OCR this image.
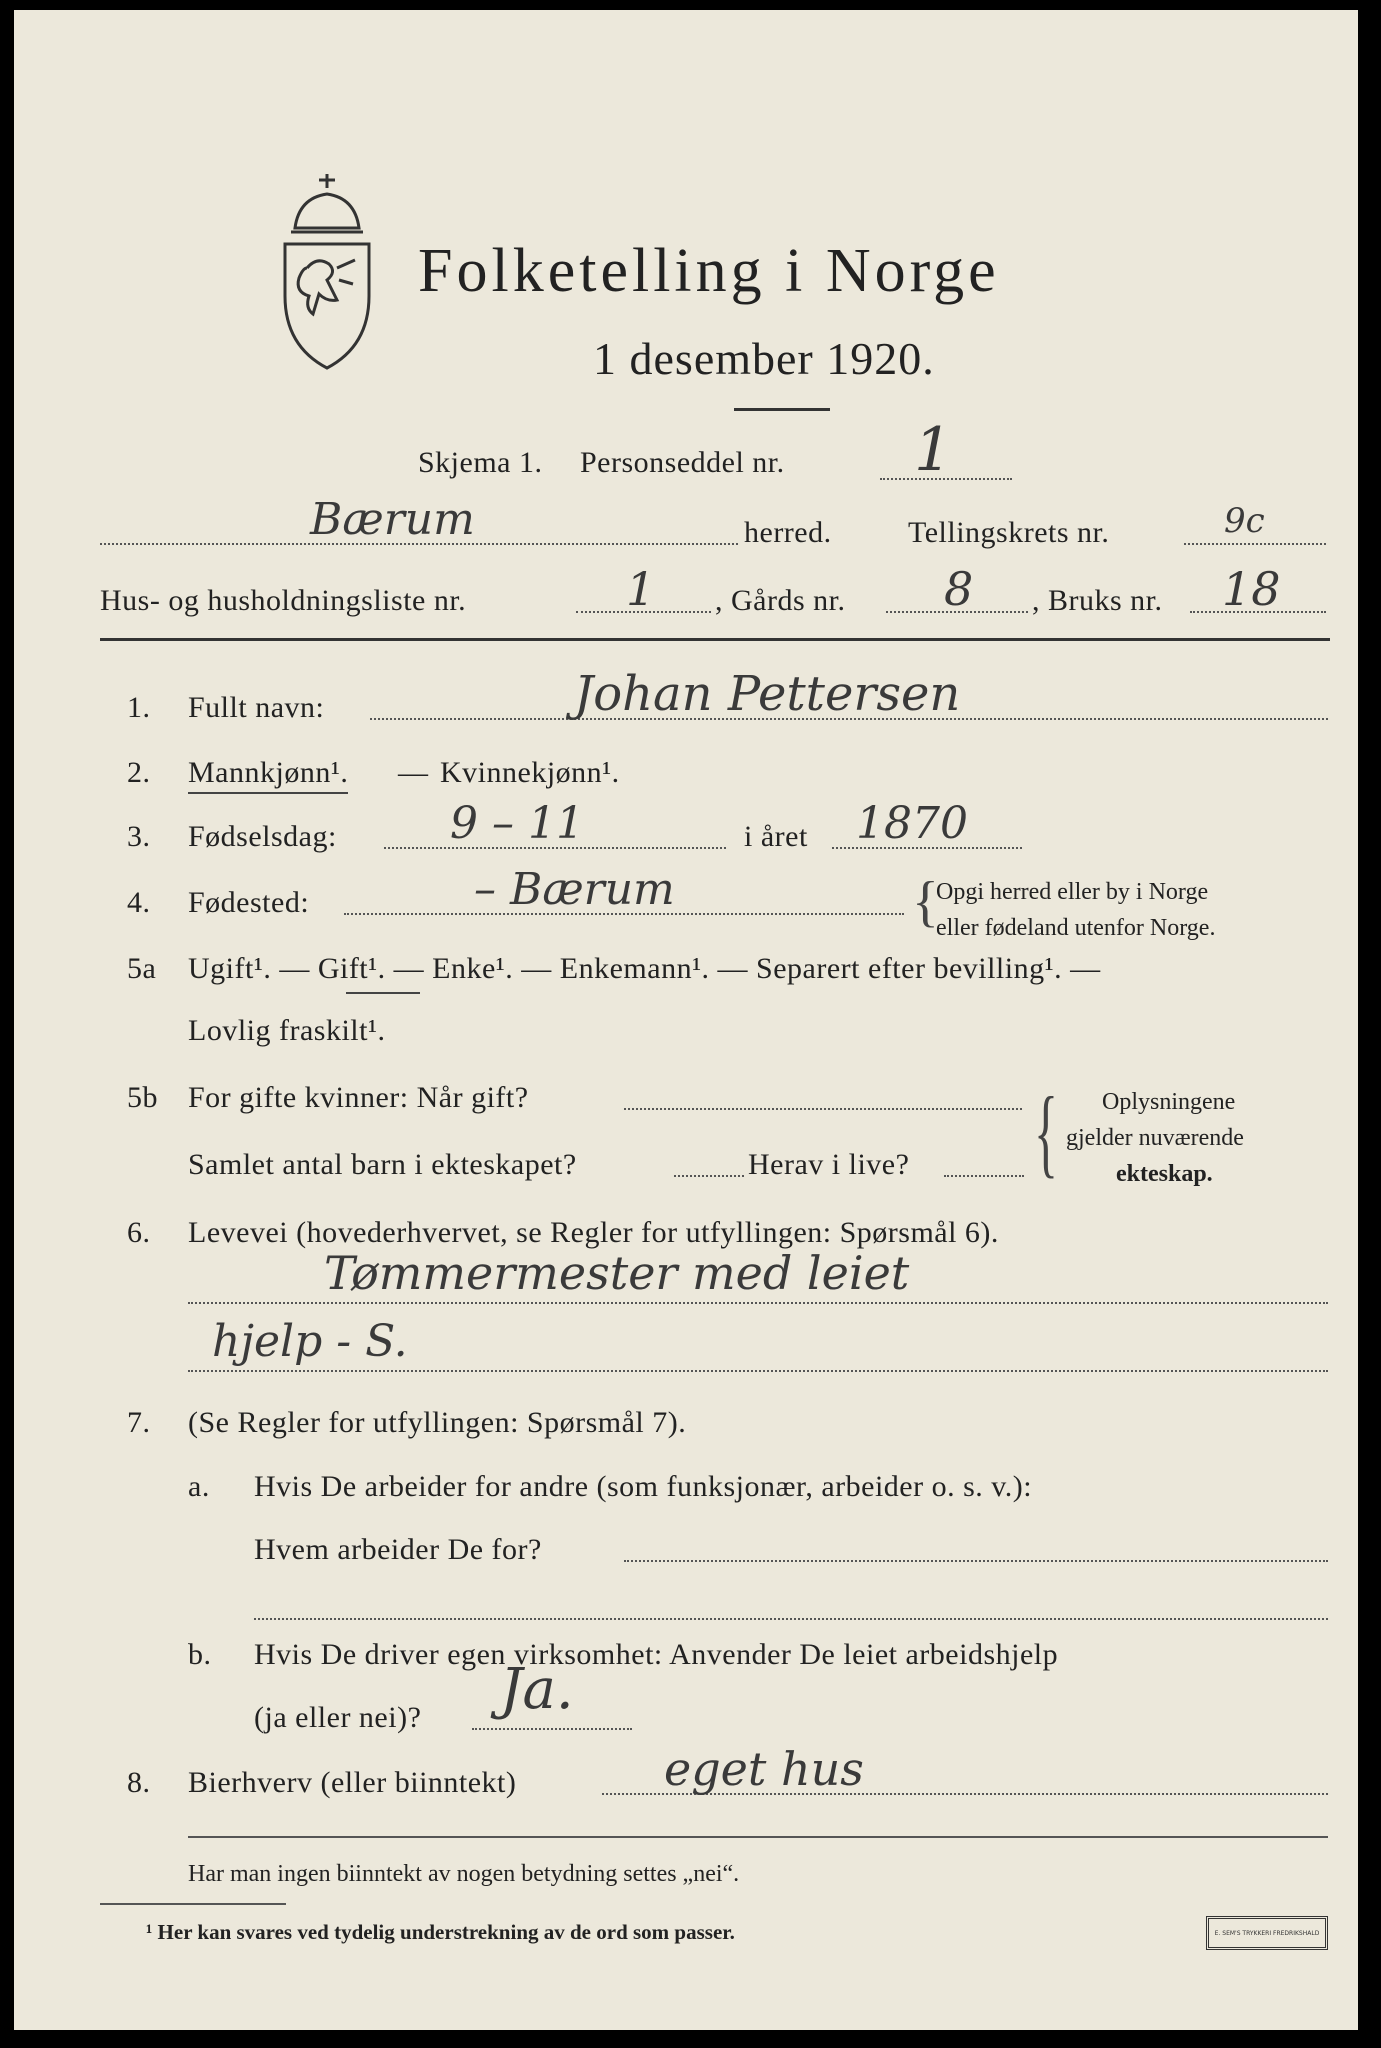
Folketelling i Norge
1 desember 1920.
Skjema 1. Personseddel nr. 1
Bærum	herred.	Tellingskrets nr.	9c
Hus- og husholdningsliste nr.	1 , Gårds nr. 8 , Bruks nr. 18
1. Fullt navn:	Johan Pettersen
2. Mannkjønn¹. — Kvinnekjønn¹.
3. Fødselsdag:	9 – 11	i året 1870
4. Fødested:	– Bærum	{
Opgi herred eller by i Norge
eller fødeland utenfor Norge.
5a Ugift¹. — Gift¹. — Enke¹. — Enkemann¹. — Separert efter bevilling¹. —
Lovlig fraskilt¹.
5b For gifte kvinner: Når gift?
Samlet antal barn i ekteskapet?	Herav i live? { Oplysningene
gjelder nuværende
ekteskap.
6. Levevei (hovederhvervet, se Regler for utfyllingen: Spørsmål 6).
Tømmermester med leiet
hjelp - S.
7. (Se Regler for utfyllingen: Spørsmål 7).
a. Hvis De arbeider for andre (som funksjonær, arbeider o. s. v.):
Hvem arbeider De for?
b. Hvis De driver egen virksomhet: Anvender De leiet arbeidshjelp
(ja eller nei)? Ja.
8. Bierhverv (eller biinntekt)	eget hus
Har man ingen biinntekt av nogen betydning settes „nei“.
¹ Her kan svares ved tydelig understrekning av de ord som passer.	E. SEM'S TRYKKERI FREDRIKSHALD
